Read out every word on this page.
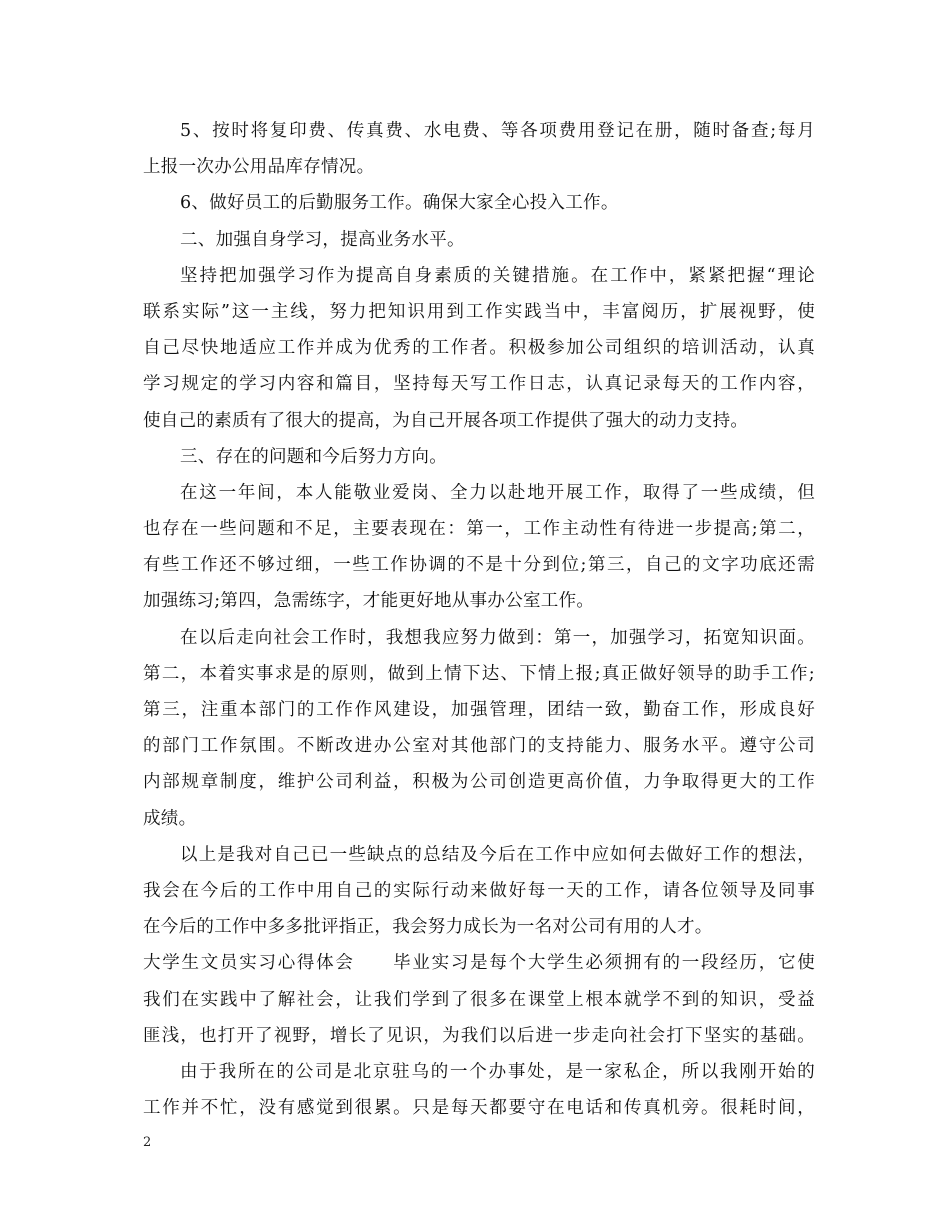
5、按时将复印费、传真费、水电费、等各项费用登记在册，随时备查;每月
上报一次办公用品库存情况。
6、做好员工的后勤服务工作。确保大家全心投入工作。
二、加强自身学习，提高业务水平。
坚持把加强学习作为提高自身素质的关键措施。在工作中，紧紧把握“理论
联系实际”这一主线，努力把知识用到工作实践当中，丰富阅历，扩展视野，使
自己尽快地适应工作并成为优秀的工作者。积极参加公司组织的培训活动，认真
学习规定的学习内容和篇目，坚持每天写工作日志，认真记录每天的工作内容，
使自己的素质有了很大的提高，为自己开展各项工作提供了强大的动力支持。
三、存在的问题和今后努力方向。
在这一年间，本人能敬业爱岗、全力以赴地开展工作，取得了一些成绩，但
也存在一些问题和不足，主要表现在：第一，工作主动性有待进一步提高;第二，
有些工作还不够过细，一些工作协调的不是十分到位;第三，自己的文字功底还需
加强练习;第四，急需练字，才能更好地从事办公室工作。
在以后走向社会工作时，我想我应努力做到：第一，加强学习，拓宽知识面。
第二，本着实事求是的原则，做到上情下达、下情上报;真正做好领导的助手工作;
第三，注重本部门的工作作风建设，加强管理，团结一致，勤奋工作，形成良好
的部门工作氛围。不断改进办公室对其他部门的支持能力、服务水平。遵守公司
内部规章制度，维护公司利益，积极为公司创造更高价值，力争取得更大的工作
成绩。
以上是我对自己已一些缺点的总结及今后在工作中应如何去做好工作的想法，
我会在今后的工作中用自己的实际行动来做好每一天的工作，请各位领导及同事
在今后的工作中多多批评指正，我会努力成长为一名对公司有用的人才。
大学生文员实习心得体会　　毕业实习是每个大学生必须拥有的一段经历，它使
我们在实践中了解社会，让我们学到了很多在课堂上根本就学不到的知识，受益
匪浅，也打开了视野，增长了见识，为我们以后进一步走向社会打下坚实的基础。
由于我所在的公司是北京驻乌的一个办事处，是一家私企，所以我刚开始的
工作并不忙，没有感觉到很累。只是每天都要守在电话和传真机旁。很耗时间，
2
